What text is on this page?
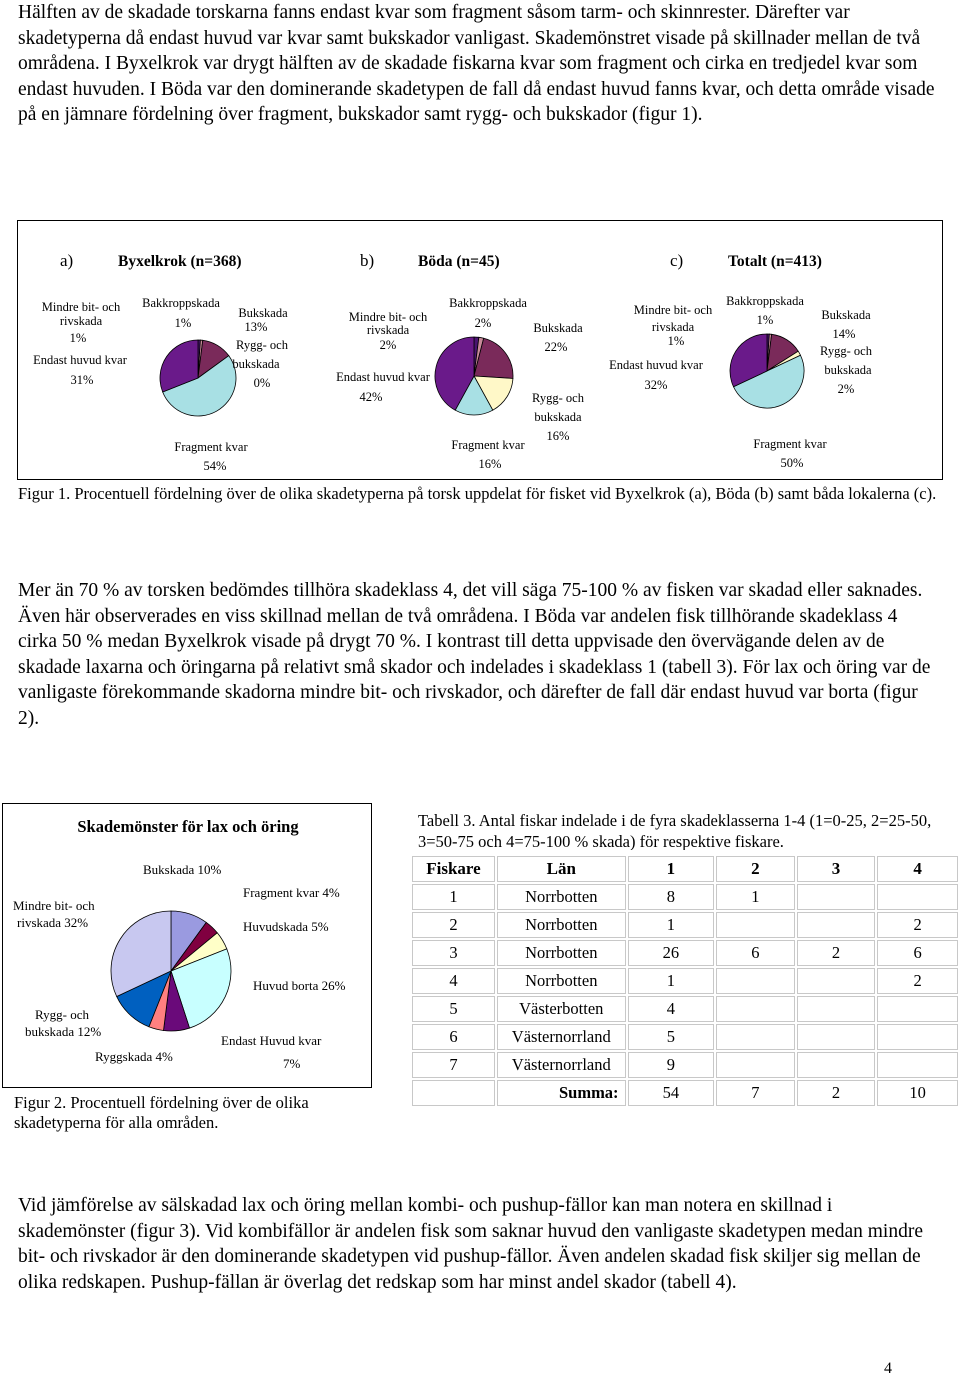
Hälften av de skadade torskarna fanns endast kvar som fragment såsom tarm- och skinnrester. Därefter var skadetyperna då endast huvud var kvar samt bukskador vanligast. Skademönstret visade på skillnader mellan de två områdena. I Byxelkrok var drygt hälften av de skadade fiskarna kvar som fragment och cirka en tredjedel kvar som endast huvuden. I Böda var den dominerande skadetypen de fall då endast huvud fanns kvar, och detta område visade på en jämnare fördelning över fragment, bukskador samt rygg- och bukskador (figur 1).

a)	Byxelkrok (n=368)
Mindre bit- och
rivskada
1%
Endast huvud kvar
31%
Bakkroppskada
1%
Bukskada
13%
Rygg- och
bukskada
0%
Fragment kvar
54%
b)	Böda (n=45)
Mindre bit- och
rivskada
2%
Endast huvud kvar
42%
Bakkroppskada
2%	Bukskada
22%
Rygg- och
bukskada
16%
Fragment kvar
16%
c)	Totalt (n=413)
Mindre bit- och
rivskada
1%
Endast huvud kvar
32%
Bakkroppskada
1%	Bukskada
14%
Rygg- och
bukskada
2%
Fragment kvar
50%

Figur 1. Procentuell fördelning över de olika skadetyperna på torsk uppdelat för fisket vid Byxelkrok (a), Böda (b) samt båda lokalerna (c).

Mer än 70 % av torsken bedömdes tillhöra skadeklass 4, det vill säga 75-100 % av fisken var skadad eller saknades. Även här observerades en viss skillnad mellan de två områdena. I Böda var andelen fisk tillhörande skadeklass 4 cirka 50 % medan Byxelkrok visade på drygt 70 %. I kontrast till detta uppvisade den övervägande delen av de skadade laxarna och öringarna på relativt små skador och indelades i skadeklass 1 (tabell 3). För lax och öring var de vanligaste förekommande skadorna mindre bit- och rivskador, och därefter de fall där endast huvud var borta (figur 2).

Skademönster för lax och öring
Bukskada 10%
Fragment kvar 4%
Huvudskada 5%
Huvud borta 26%
Endast Huvud kvar
7%
Ryggskada 4%
Rygg- och
bukskada 12%
Mindre bit- och
rivskada 32%

Figur 2. Procentuell fördelning över de olika skadetyperna för alla områden.

Tabell 3. Antal fiskar indelade i de fyra skadeklasserna 1-4 (1=0-25, 2=25-50, 3=50-75 och 4=75-100 % skada) för respektive fiskare.

Fiskare	Län	1	2	3	4
1	Norrbotten	8	1		
2	Norrbotten	1			2
3	Norrbotten	26	6	2	6
4	Norrbotten	1			2
5	Västerbotten	4			
6	Västernorrland	5			
7	Västernorrland	9			
	Summa:	54	7	2	10

Vid jämförelse av sälskadad lax och öring mellan kombi- och pushup-fällor kan man notera en skillnad i skademönster (figur 3). Vid kombifällor är andelen fisk som saknar huvud den vanligaste skadetypen medan mindre bit- och rivskador är den dominerande skadetypen vid pushup-fällor. Även andelen skadad fisk skiljer sig mellan de olika redskapen. Pushup-fällan är överlag det redskap som har minst andel skador (tabell 4).

4
